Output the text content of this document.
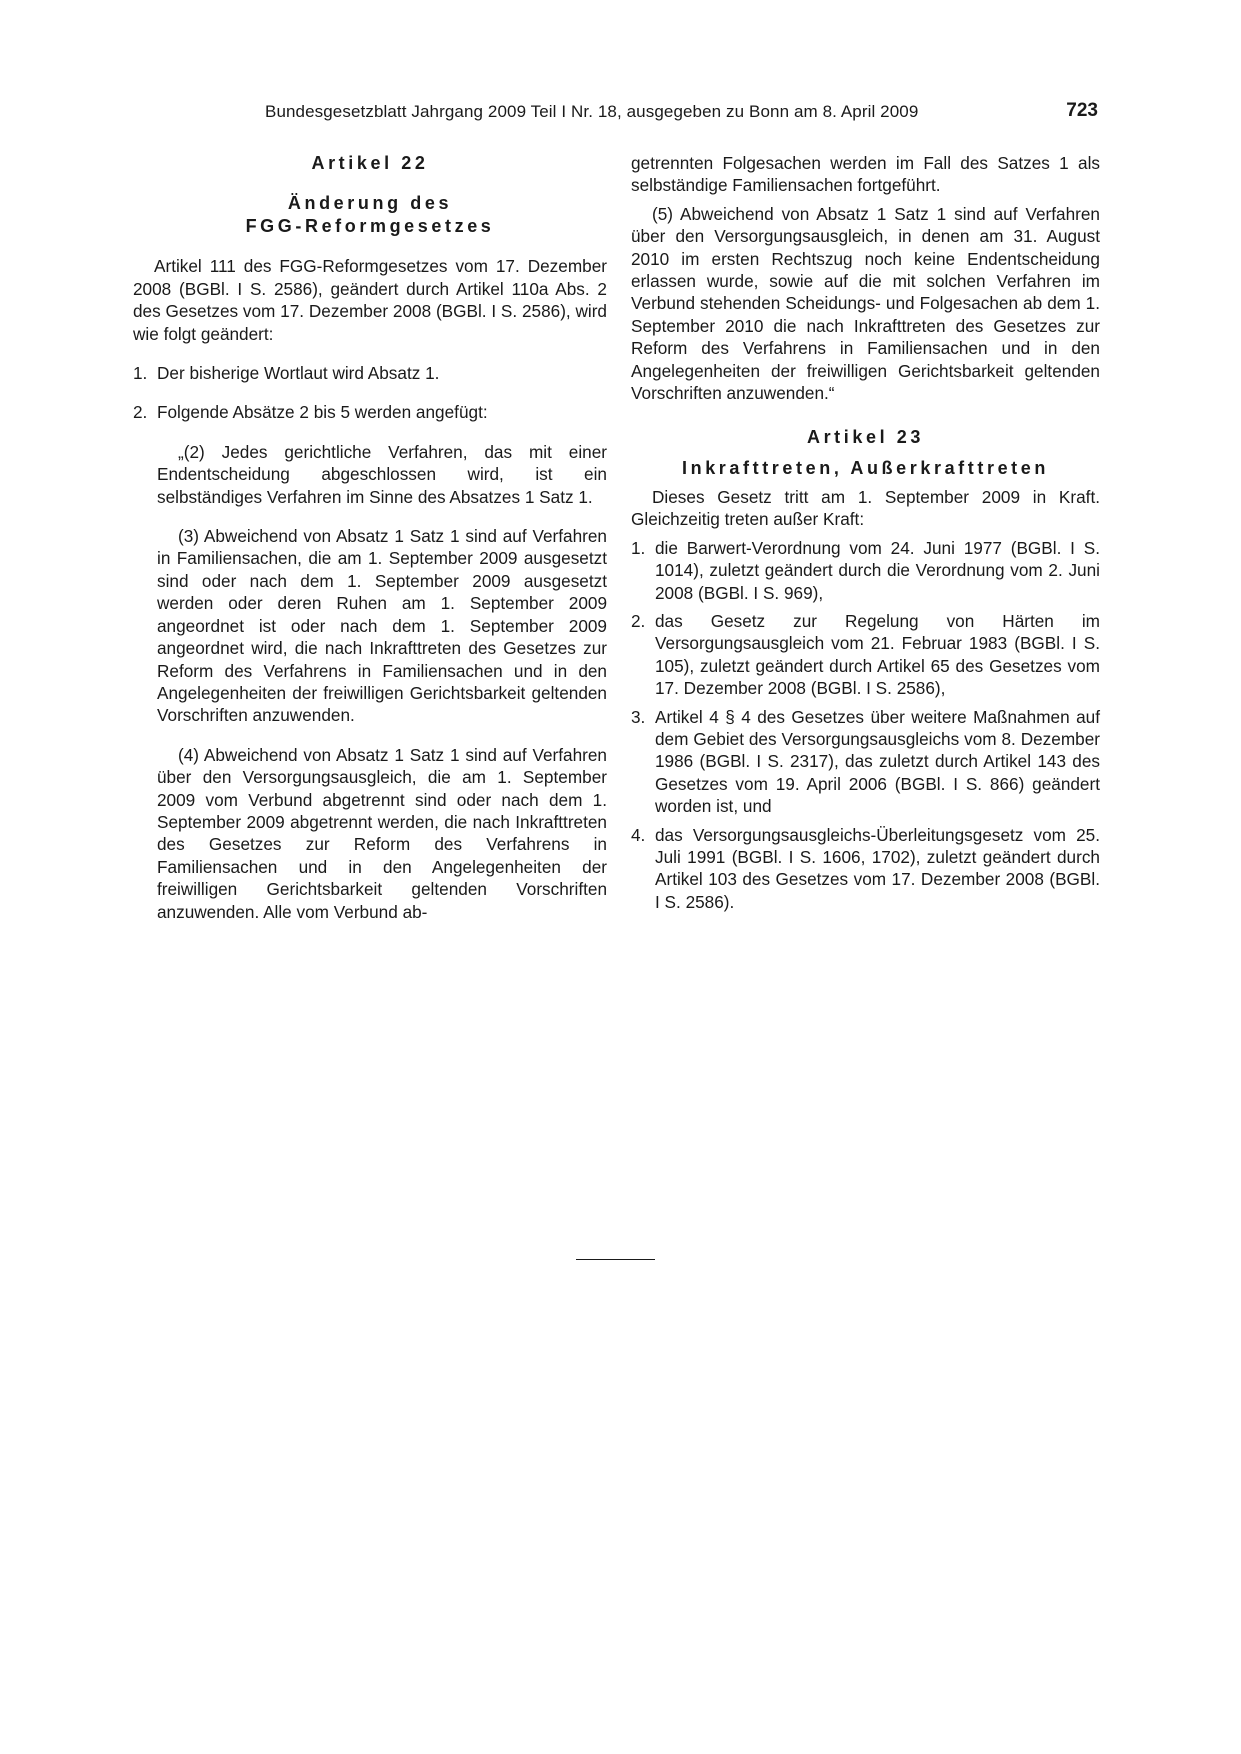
Bundesgesetzblatt Jahrgang 2009 Teil I Nr. 18, ausgegeben zu Bonn am 8. April 2009	723
Artikel 22
Änderung des
FGG-Reformgesetzes

Artikel 111 des FGG-Reformgesetzes vom 17. Dezember 2008 (BGBl. I S. 2586), geändert durch Artikel 110a Abs. 2 des Gesetzes vom 17. Dezember 2008 (BGBl. I S. 2586), wird wie folgt geändert:

1. Der bisherige Wortlaut wird Absatz 1.
2. Folgende Absätze 2 bis 5 werden angefügt:

„(2) Jedes gerichtliche Verfahren, das mit einer Endentscheidung abgeschlossen wird, ist ein selbständiges Verfahren im Sinne des Absatzes 1 Satz 1.

(3) Abweichend von Absatz 1 Satz 1 sind auf Verfahren in Familiensachen, die am 1. September 2009 ausgesetzt sind oder nach dem 1. September 2009 ausgesetzt werden oder deren Ruhen am 1. September 2009 angeordnet ist oder nach dem 1. September 2009 angeordnet wird, die nach Inkrafttreten des Gesetzes zur Reform des Verfahrens in Familiensachen und in den Angelegenheiten der freiwilligen Gerichtsbarkeit geltenden Vorschriften anzuwenden.

(4) Abweichend von Absatz 1 Satz 1 sind auf Verfahren über den Versorgungsausgleich, die am 1. September 2009 vom Verbund abgetrennt sind oder nach dem 1. September 2009 abgetrennt werden, die nach Inkrafttreten des Gesetzes zur Reform des Verfahrens in Familiensachen und in den Angelegenheiten der freiwilligen Gerichtsbarkeit geltenden Vorschriften anzuwenden. Alle vom Verbund ab-

getrennten Folgesachen werden im Fall des Satzes 1 als selbständige Familiensachen fortgeführt.

(5) Abweichend von Absatz 1 Satz 1 sind auf Verfahren über den Versorgungsausgleich, in denen am 31. August 2010 im ersten Rechtszug noch keine Endentscheidung erlassen wurde, sowie auf die mit solchen Verfahren im Verbund stehenden Scheidungs- und Folgesachen ab dem 1. September 2010 die nach Inkrafttreten des Gesetzes zur Reform des Verfahrens in Familiensachen und in den Angelegenheiten der freiwilligen Gerichtsbarkeit geltenden Vorschriften anzuwenden.“

Artikel 23
Inkrafttreten, Außerkrafttreten

Dieses Gesetz tritt am 1. September 2009 in Kraft. Gleichzeitig treten außer Kraft:

1. die Barwert-Verordnung vom 24. Juni 1977 (BGBl. I S. 1014), zuletzt geändert durch die Verordnung vom 2. Juni 2008 (BGBl. I S. 969),
2. das Gesetz zur Regelung von Härten im Versorgungsausgleich vom 21. Februar 1983 (BGBl. I S. 105), zuletzt geändert durch Artikel 65 des Gesetzes vom 17. Dezember 2008 (BGBl. I S. 2586),
3. Artikel 4 § 4 des Gesetzes über weitere Maßnahmen auf dem Gebiet des Versorgungsausgleichs vom 8. Dezember 1986 (BGBl. I S. 2317), das zuletzt durch Artikel 143 des Gesetzes vom 19. April 2006 (BGBl. I S. 866) geändert worden ist, und
4. das Versorgungsausgleichs-Überleitungsgesetz vom 25. Juli 1991 (BGBl. I S. 1606, 1702), zuletzt geändert durch Artikel 103 des Gesetzes vom 17. Dezember 2008 (BGBl. I S. 2586).
